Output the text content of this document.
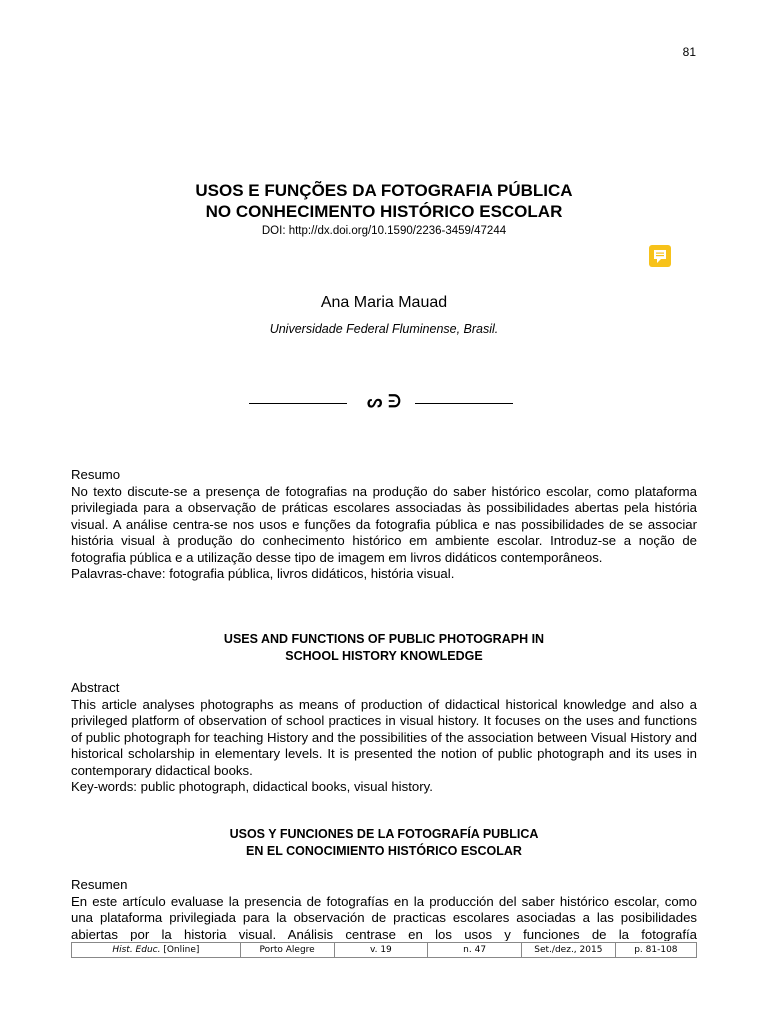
81
USOS E FUNÇÕES DA FOTOGRAFIA PÚBLICA
NO CONHECIMENTO HISTÓRICO ESCOLAR
DOI: http://dx.doi.org/10.1590/2236-3459/47244
Ana Maria Mauad
Universidade Federal Fluminense, Brasil.
ᔕ ᕭ
Resumo
No texto discute-se a presença de fotografias na produção do saber histórico escolar, como plataforma privilegiada para a observação de práticas escolares associadas às possibilidades abertas pela história visual. A análise centra-se nos usos e funções da fotografia pública e nas possibilidades de se associar história visual à produção do conhecimento histórico em ambiente escolar. Introduz-se a noção de fotografia pública e a utilização desse tipo de imagem em livros didáticos contemporâneos.
Palavras-chave: fotografia pública, livros didáticos, história visual.
USES AND FUNCTIONS OF PUBLIC PHOTOGRAPH IN
SCHOOL HISTORY KNOWLEDGE
Abstract
This article analyses photographs as means of production of didactical historical knowledge and also a privileged platform of observation of school practices in visual history. It focuses on the uses and functions of public photograph for teaching History and the possibilities of the association between Visual History and historical scholarship in elementary levels. It is presented the notion of public photograph and its uses in contemporary didactical books.
Key-words: public photograph, didactical books, visual history.
USOS Y FUNCIONES DE LA FOTOGRAFÍA PUBLICA
EN EL CONOCIMIENTO HISTÓRICO ESCOLAR
Resumen
En este artículo evaluase la presencia de fotografías en la producción del saber histórico escolar, como una plataforma privilegiada para la observación de practicas escolares asociadas a las posibilidades abiertas por la historia visual. Análisis centrase en los usos y funciones de la fotografía
Hist. Educ. [Online]	Porto Alegre	v. 19	n. 47	Set./dez., 2015	p. 81-108
